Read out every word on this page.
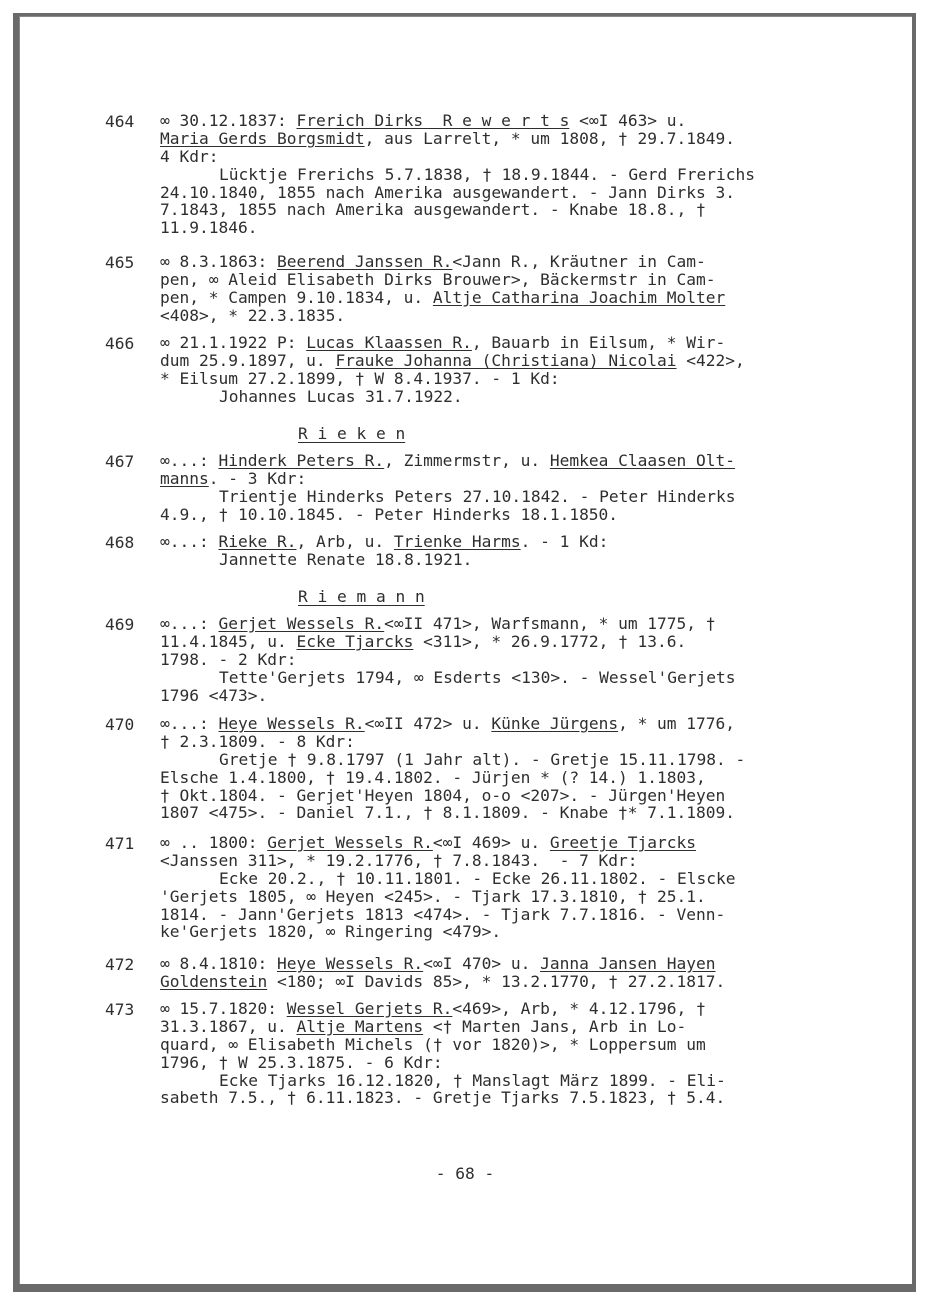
R i e k e n
R i e m a n n
464	∞ 30.12.1837: Frerich Dirks  R e w e r t s <∞I 463> u.
Maria Gerds Borgsmidt, aus Larrelt, * um 1808, † 29.7.1849.
4 Kdr:
Lücktje Frerichs 5.7.1838, † 18.9.1844. - Gerd Frerichs
24.10.1840, 1855 nach Amerika ausgewandert. - Jann Dirks 3.
7.1843, 1855 nach Amerika ausgewandert. - Knabe 18.8., †
11.9.1846.
465	∞ 8.3.1863: Beerend Janssen R.<Jann R., Kräutner in Cam-
pen, ∞ Aleid Elisabeth Dirks Brouwer>, Bäckermstr in Cam-
pen, * Campen 9.10.1834, u. Altje Catharina Joachim Molter
<408>, * 22.3.1835.
466	∞ 21.1.1922 P: Lucas Klaassen R., Bauarb in Eilsum, * Wir-
dum 25.9.1897, u. Frauke Johanna (Christiana) Nicolai <422>,
* Eilsum 27.2.1899, † W 8.4.1937. - 1 Kd:
Johannes Lucas 31.7.1922.
467	∞...: Hinderk Peters R., Zimmermstr, u. Hemkea Claasen Olt-
manns. - 3 Kdr:
Trientje Hinderks Peters 27.10.1842. - Peter Hinderks
4.9., † 10.10.1845. - Peter Hinderks 18.1.1850.
468	∞...: Rieke R., Arb, u. Trienke Harms. - 1 Kd:
Jannette Renate 18.8.1921.
469	∞...: Gerjet Wessels R.<∞II 471>, Warfsmann, * um 1775, †
11.4.1845, u. Ecke Tjarcks <311>, * 26.9.1772, † 13.6.
1798. - 2 Kdr:
Tette'Gerjets 1794, ∞ Esderts <130>. - Wessel'Gerjets
1796 <473>.
470	∞...: Heye Wessels R.<∞II 472> u. Künke Jürgens, * um 1776,
† 2.3.1809. - 8 Kdr:
Gretje † 9.8.1797 (1 Jahr alt). - Gretje 15.11.1798. -
Elsche 1.4.1800, † 19.4.1802. - Jürjen * (? 14.) 1.1803,
† Okt.1804. - Gerjet'Heyen 1804, o-o <207>. - Jürgen'Heyen
1807 <475>. - Daniel 7.1., † 8.1.1809. - Knabe †* 7.1.1809.
471	∞ .. 1800: Gerjet Wessels R.<∞I 469> u. Greetje Tjarcks
<Janssen 311>, * 19.2.1776, † 7.8.1843.  - 7 Kdr:
Ecke 20.2., † 10.11.1801. - Ecke 26.11.1802. - Elscke
'Gerjets 1805, ∞ Heyen <245>. - Tjark 17.3.1810, † 25.1.
1814. - Jann'Gerjets 1813 <474>. - Tjark 7.7.1816. - Venn-
ke'Gerjets 1820, ∞ Ringering <479>.
472	∞ 8.4.1810: Heye Wessels R.<∞I 470> u. Janna Jansen Hayen
Goldenstein <180; ∞I Davids 85>, * 13.2.1770, † 27.2.1817.
473	∞ 15.7.1820: Wessel Gerjets R.<469>, Arb, * 4.12.1796, †
31.3.1867, u. Altje Martens <† Marten Jans, Arb in Lo-
quard, ∞ Elisabeth Michels († vor 1820)>, * Loppersum um
1796, † W 25.3.1875. - 6 Kdr:
Ecke Tjarks 16.12.1820, † Manslagt März 1899. - Eli-
sabeth 7.5., † 6.11.1823. - Gretje Tjarks 7.5.1823, † 5.4.
- 68 -
